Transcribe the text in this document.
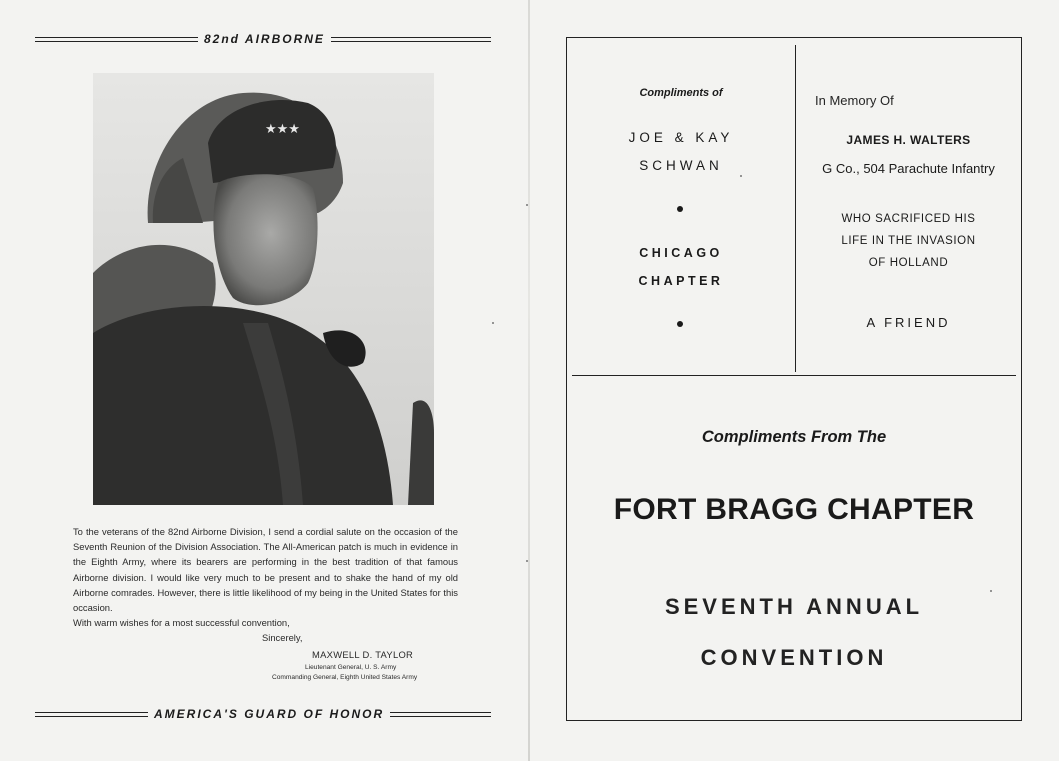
82nd AIRBORNE
★★★
To the veterans of the 82nd Airborne Division, I send a cordial salute on the occasion of the Seventh Reunion of the Division Association. The All-American patch is much in evidence in the Eighth Army, where its bearers are performing in the best tradition of that famous Airborne division. I would like very much to be present and to shake the hand of my old Airborne comrades. However, there is little likelihood of my being in the United States for this occasion.
With warm wishes for a most successful convention,
Sincerely,
MAXWELL D. TAYLOR
Lieutenant General, U. S. Army
Commanding General, Eighth United States Army
AMERICA'S GUARD OF HONOR
Compliments of
JOE & KAY
SCHWAN
CHICAGO
CHAPTER
In Memory Of
JAMES H. WALTERS
G Co., 504 Parachute Infantry
WHO SACRIFICED HIS
LIFE IN THE INVASION
OF HOLLAND
A FRIEND
Compliments From The
FORT BRAGG CHAPTER
SEVENTH ANNUAL
CONVENTION
